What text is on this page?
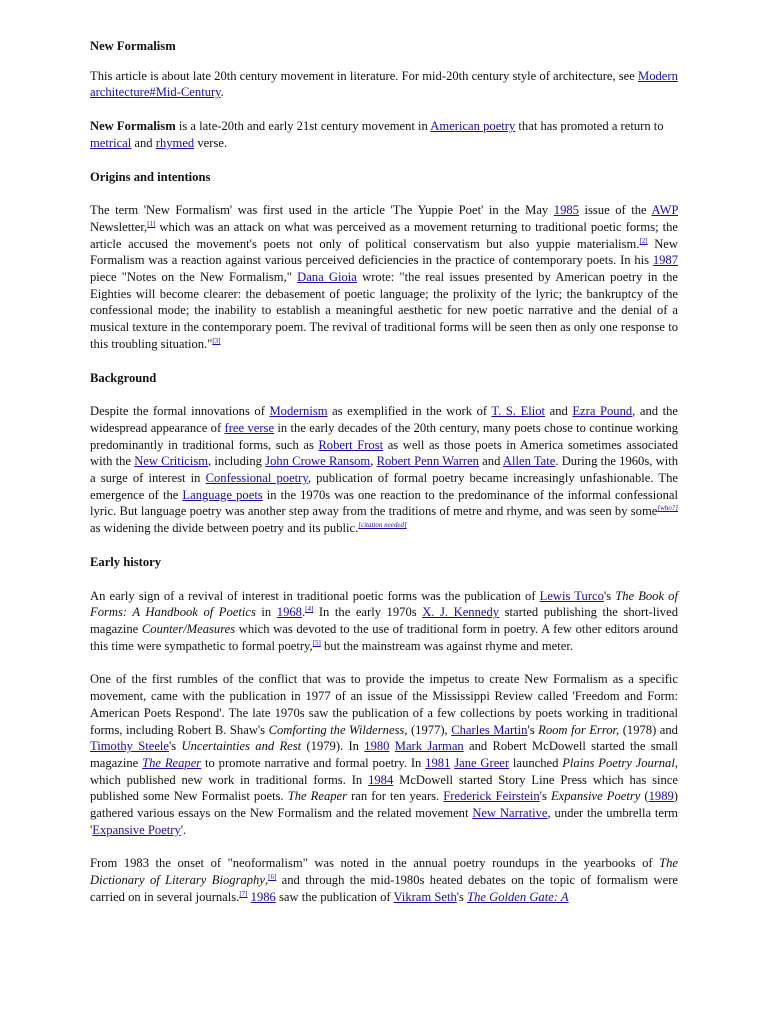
New Formalism

This article is about late 20th century movement in literature. For mid-20th century style of architecture, see Modern architecture#Mid-Century.

New Formalism is a late-20th and early 21st century movement in American poetry that has promoted a return to metrical and rhymed verse.

Origins and intentions

The term 'New Formalism' was first used in the article 'The Yuppie Poet' in the May 1985 issue of the AWP Newsletter,[1] which was an attack on what was perceived as a movement returning to traditional poetic forms; the article accused the movement's poets not only of political conservatism but also yuppie materialism.[2] New Formalism was a reaction against various perceived deficiencies in the practice of contemporary poets. In his 1987 piece "Notes on the New Formalism," Dana Gioia wrote: "the real issues presented by American poetry in the Eighties will become clearer: the debasement of poetic language; the prolixity of the lyric; the bankruptcy of the confessional mode; the inability to establish a meaningful aesthetic for new poetic narrative and the denial of a musical texture in the contemporary poem. The revival of traditional forms will be seen then as only one response to this troubling situation."[3]

Background

Despite the formal innovations of Modernism as exemplified in the work of T. S. Eliot and Ezra Pound, and the widespread appearance of free verse in the early decades of the 20th century, many poets chose to continue working predominantly in traditional forms, such as Robert Frost as well as those poets in America sometimes associated with the New Criticism, including John Crowe Ransom, Robert Penn Warren and Allen Tate. During the 1960s, with a surge of interest in Confessional poetry, publication of formal poetry became increasingly unfashionable. The emergence of the Language poets in the 1970s was one reaction to the predominance of the informal confessional lyric. But language poetry was another step away from the traditions of metre and rhyme, and was seen by some[who?] as widening the divide between poetry and its public.[citation needed]

Early history

An early sign of a revival of interest in traditional poetic forms was the publication of Lewis Turco's The Book of Forms: A Handbook of Poetics in 1968.[4] In the early 1970s X. J. Kennedy started publishing the short-lived magazine Counter/Measures which was devoted to the use of traditional form in poetry. A few other editors around this time were sympathetic to formal poetry,[5] but the mainstream was against rhyme and meter.

One of the first rumbles of the conflict that was to provide the impetus to create New Formalism as a specific movement, came with the publication in 1977 of an issue of the Mississippi Review called 'Freedom and Form: American Poets Respond'. The late 1970s saw the publication of a few collections by poets working in traditional forms, including Robert B. Shaw's Comforting the Wilderness, (1977), Charles Martin's Room for Error, (1978) and Timothy Steele's Uncertainties and Rest (1979). In 1980 Mark Jarman and Robert McDowell started the small magazine The Reaper to promote narrative and formal poetry. In 1981 Jane Greer launched Plains Poetry Journal, which published new work in traditional forms. In 1984 McDowell started Story Line Press which has since published some New Formalist poets. The Reaper ran for ten years. Frederick Feirstein's Expansive Poetry (1989) gathered various essays on the New Formalism and the related movement New Narrative, under the umbrella term 'Expansive Poetry'.

From 1983 the onset of "neoformalism" was noted in the annual poetry roundups in the yearbooks of The Dictionary of Literary Biography,[6] and through the mid-1980s heated debates on the topic of formalism were carried on in several journals.[7] 1986 saw the publication of Vikram Seth's The Golden Gate: A
